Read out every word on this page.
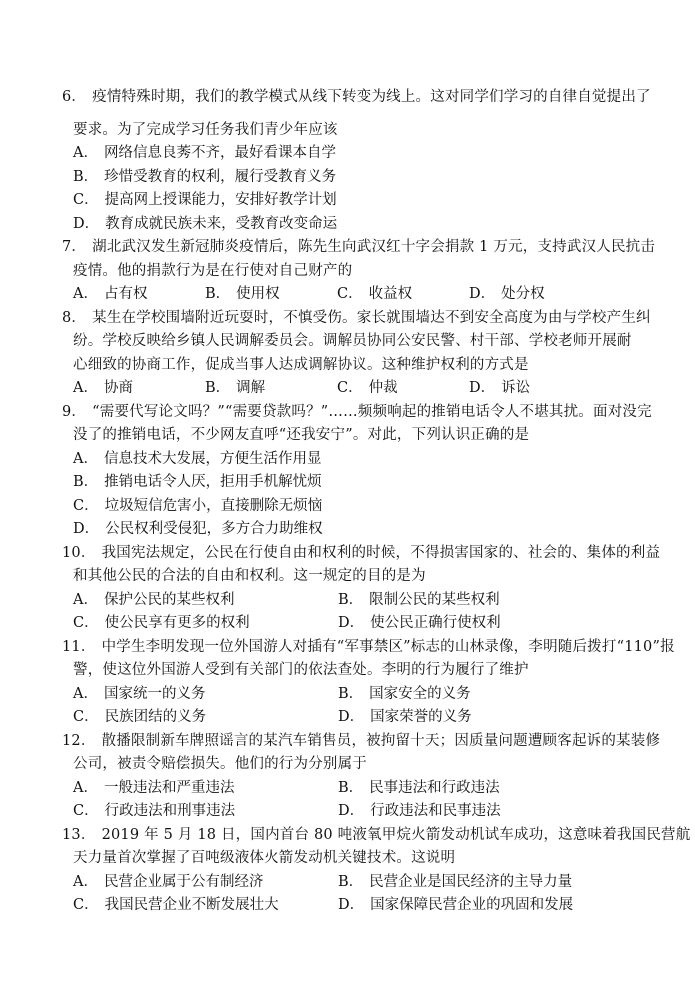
6． 疫情特殊时期，我们的教学模式从线下转变为线上。这对同学们学习的自律自觉提出了
要求。为了完成学习任务我们青少年应该
A． 网络信息良莠不齐，最好看课本自学
B． 珍惜受教育的权利，履行受教育义务
C． 提高网上授课能力，安排好教学计划
D． 教育成就民族未来，受教育改变命运
7． 湖北武汉发生新冠肺炎疫情后，陈先生向武汉红十字会捐款 1 万元，支持武汉人民抗击
疫情。他的捐款行为是在行使对自己财产的
A． 占有权	B． 使用权	C． 收益权	D． 处分权
8． 某生在学校围墙附近玩耍时，不慎受伤。家长就围墙达不到安全高度为由与学校产生纠
纷。学校反映给乡镇人民调解委员会。调解员协同公安民警、村干部、学校老师开展耐
心细致的协商工作，促成当事人达成调解协议。这种维护权利的方式是
A． 协商	B． 调解	C． 仲裁	D． 诉讼
9． “需要代写论文吗？”“需要贷款吗？”……频频响起的推销电话令人不堪其扰。面对没完
没了的推销电话，不少网友直呼“还我安宁”。对此，下列认识正确的是
A． 信息技术大发展，方便生活作用显
B． 推销电话令人厌，拒用手机解忧烦
C． 垃圾短信危害小，直接删除无烦恼
D． 公民权利受侵犯，多方合力助维权
10． 我国宪法规定，公民在行使自由和权利的时候，不得损害国家的、社会的、集体的利益
和其他公民的合法的自由和权利。这一规定的目的是为
A． 保护公民的某些权利	B． 限制公民的某些权利
C． 使公民享有更多的权利	D． 使公民正确行使权利
11． 中学生李明发现一位外国游人对插有“军事禁区”标志的山林录像，李明随后拨打“110”报
警，使这位外国游人受到有关部门的依法查处。李明的行为履行了维护
A． 国家统一的义务	B． 国家安全的义务
C． 民族团结的义务	D． 国家荣誉的义务
12． 散播限制新车牌照谣言的某汽车销售员，被拘留十天；因质量问题遭顾客起诉的某装修
公司，被责令赔偿损失。他们的行为分别属于
A． 一般违法和严重违法	B． 民事违法和行政违法
C． 行政违法和刑事违法	D． 行政违法和民事违法
13． 2019 年 5 月 18 日，国内首台 80 吨液氧甲烷火箭发动机试车成功，这意味着我国民营航
天力量首次掌握了百吨级液体火箭发动机关键技术。这说明
A． 民营企业属于公有制经济	B． 民营企业是国民经济的主导力量
C． 我国民营企业不断发展壮大	D． 国家保障民营企业的巩固和发展
